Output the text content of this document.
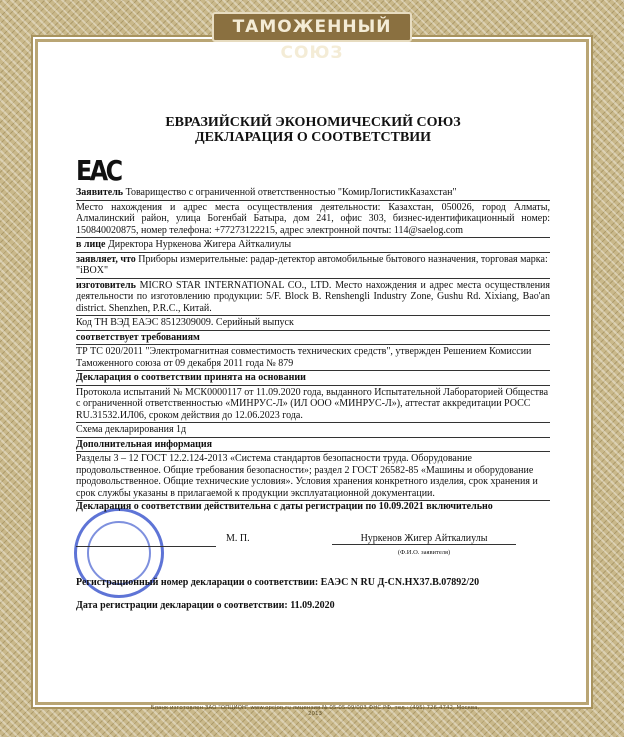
ТАМОЖЕННЫЙ СОЮЗ
ЕВРАЗИЙСКИЙ ЭКОНОМИЧЕСКИЙ СОЮЗ
ДЕКЛАРАЦИЯ О СООТВЕТСТВИИ
EAC
Заявитель Товарищество с ограниченной ответственностью "КомирЛогистикКазахстан"
Место нахождения и адрес места осуществления деятельности: Казахстан, 050026, город Алматы, Алмалинский район, улица Богенбай Батыра, дом 241, офис 303, бизнес-идентификационный номер: 150840020875, номер телефона: +77273122215, адрес электронной почты: 114@saelog.com
в лице Директора Нуркенова Жигера Айткалиулы
заявляет, что Приборы измерительные: радар-детектор автомобильные бытового назначения, торговая марка: "iBOX"
изготовитель MICRO STAR INTERNATIONAL CO., LTD. Место нахождения и адрес места осуществления деятельности по изготовлению продукции: 5/F. Block B. Renshengli Industry Zone, Gushu Rd. Xixiang, Bao'an district. Shenzhen, P.R.C., Китай.
Код ТН ВЭД ЕАЭС 8512309009. Серийный выпуск
соответствует требованиям
ТР ТС 020/2011 "Электромагнитная совместимость технических средств", утвержден Решением Комиссии Таможенного союза от 09 декабря 2011 года № 879
Декларация о соответствии принята на основании
Протокола испытаний № МСК0000117 от 11.09.2020 года, выданного Испытательной Лабораторией Общества с ограниченной ответственностью «МИНРУС-Л» (ИЛ ООО «МИНРУС-Л»), аттестат аккредитации РОСС RU.31532.ИЛ06, сроком действия до 12.06.2023 года.
Схема декларирования 1д
Дополнительная информация
Разделы 3 – 12 ГОСТ 12.2.124-2013 «Система стандартов безопасности труда. Оборудование продовольственное. Общие требования безопасности»; раздел 2 ГОСТ 26582-85 «Машины и оборудование продовольственное. Общие технические условия». Условия хранения конкретного изделия, срок хранения и срок службы указаны в прилагаемой к продукции эксплуатационной документации.
Декларация о соответствии действительна с даты регистрации по 10.09.2021 включительно
М. П.	Нуркенов Жигер Айткалиулы
(Ф.И.О. заявителя)
Регистрационный номер декларации о соответствии: ЕАЭС N RU Д-CN.НХ37.В.07892/20
Дата регистрации декларации о соответствии: 11.09.2020
Бланк изготовлен ЗАО "ОПЦИОН" www.opcion.ru лицензия № 05-05-09/003 ФНС РФ, тел.: (495) 726-4742, Москва, 2013
